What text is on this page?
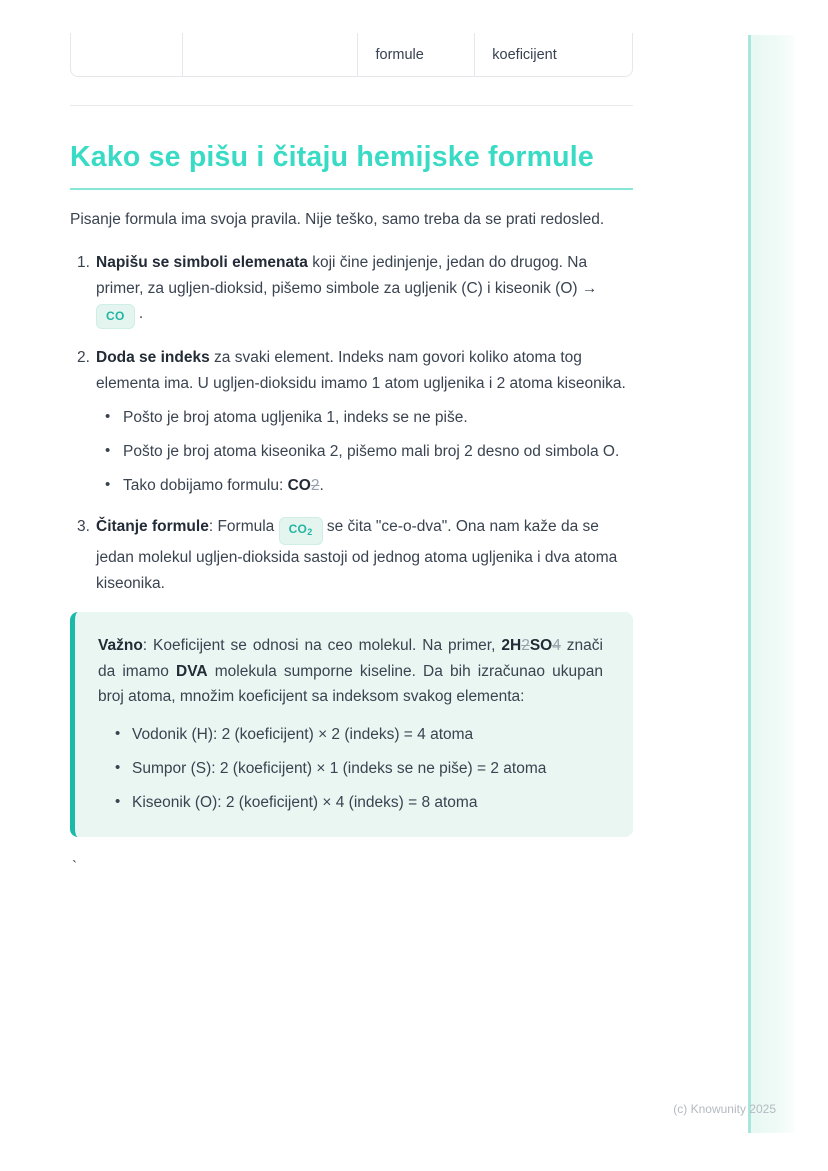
formule	koeficijent
Kako se pišu i čitaju hemijske formule

Pisanje formula ima svoja pravila. Nije teško, samo treba da se prati redosled.

1. Napišu se simboli elemenata koji čine jedinjenje, jedan do drugog. Na primer, za ugljen-dioksid, pišemo simbole za ugljenik (C) i kiseonik (O) → CO .
2. Doda se indeks za svaki element. Indeks nam govori koliko atoma tog elementa ima. U ugljen-dioksidu imamo 1 atom ugljenika i 2 atoma kiseonika.
• Pošto je broj atoma ugljenika 1, indeks se ne piše.
• Pošto je broj atoma kiseonika 2, pišemo mali broj 2 desno od simbola O.
• Tako dobijamo formulu: CO2.
3. Čitanje formule: Formula $CO_2$ se čita "ce-o-dva". Ona nam kaže da se jedan molekul ugljen-dioksida sastoji od jednog atoma ugljenika i dva atoma kiseonika.

Važno: Koeficijent se odnosi na ceo molekul. Na primer, 2H2SO4 znači da imamo DVA molekula sumporne kiseline. Da bih izračunao ukupan broj atoma, množim koeficijent sa indeksom svakog elementa:

• Vodonik (H): 2 (koeficijent) × 2 (indeks) = 4 atoma
• Sumpor (S): 2 (koeficijent) × 1 (indeks se ne piše) = 2 atoma
• Kiseonik (O): 2 (koeficijent) × 4 (indeks) = 8 atoma

`

(c) Knowunity 2025
